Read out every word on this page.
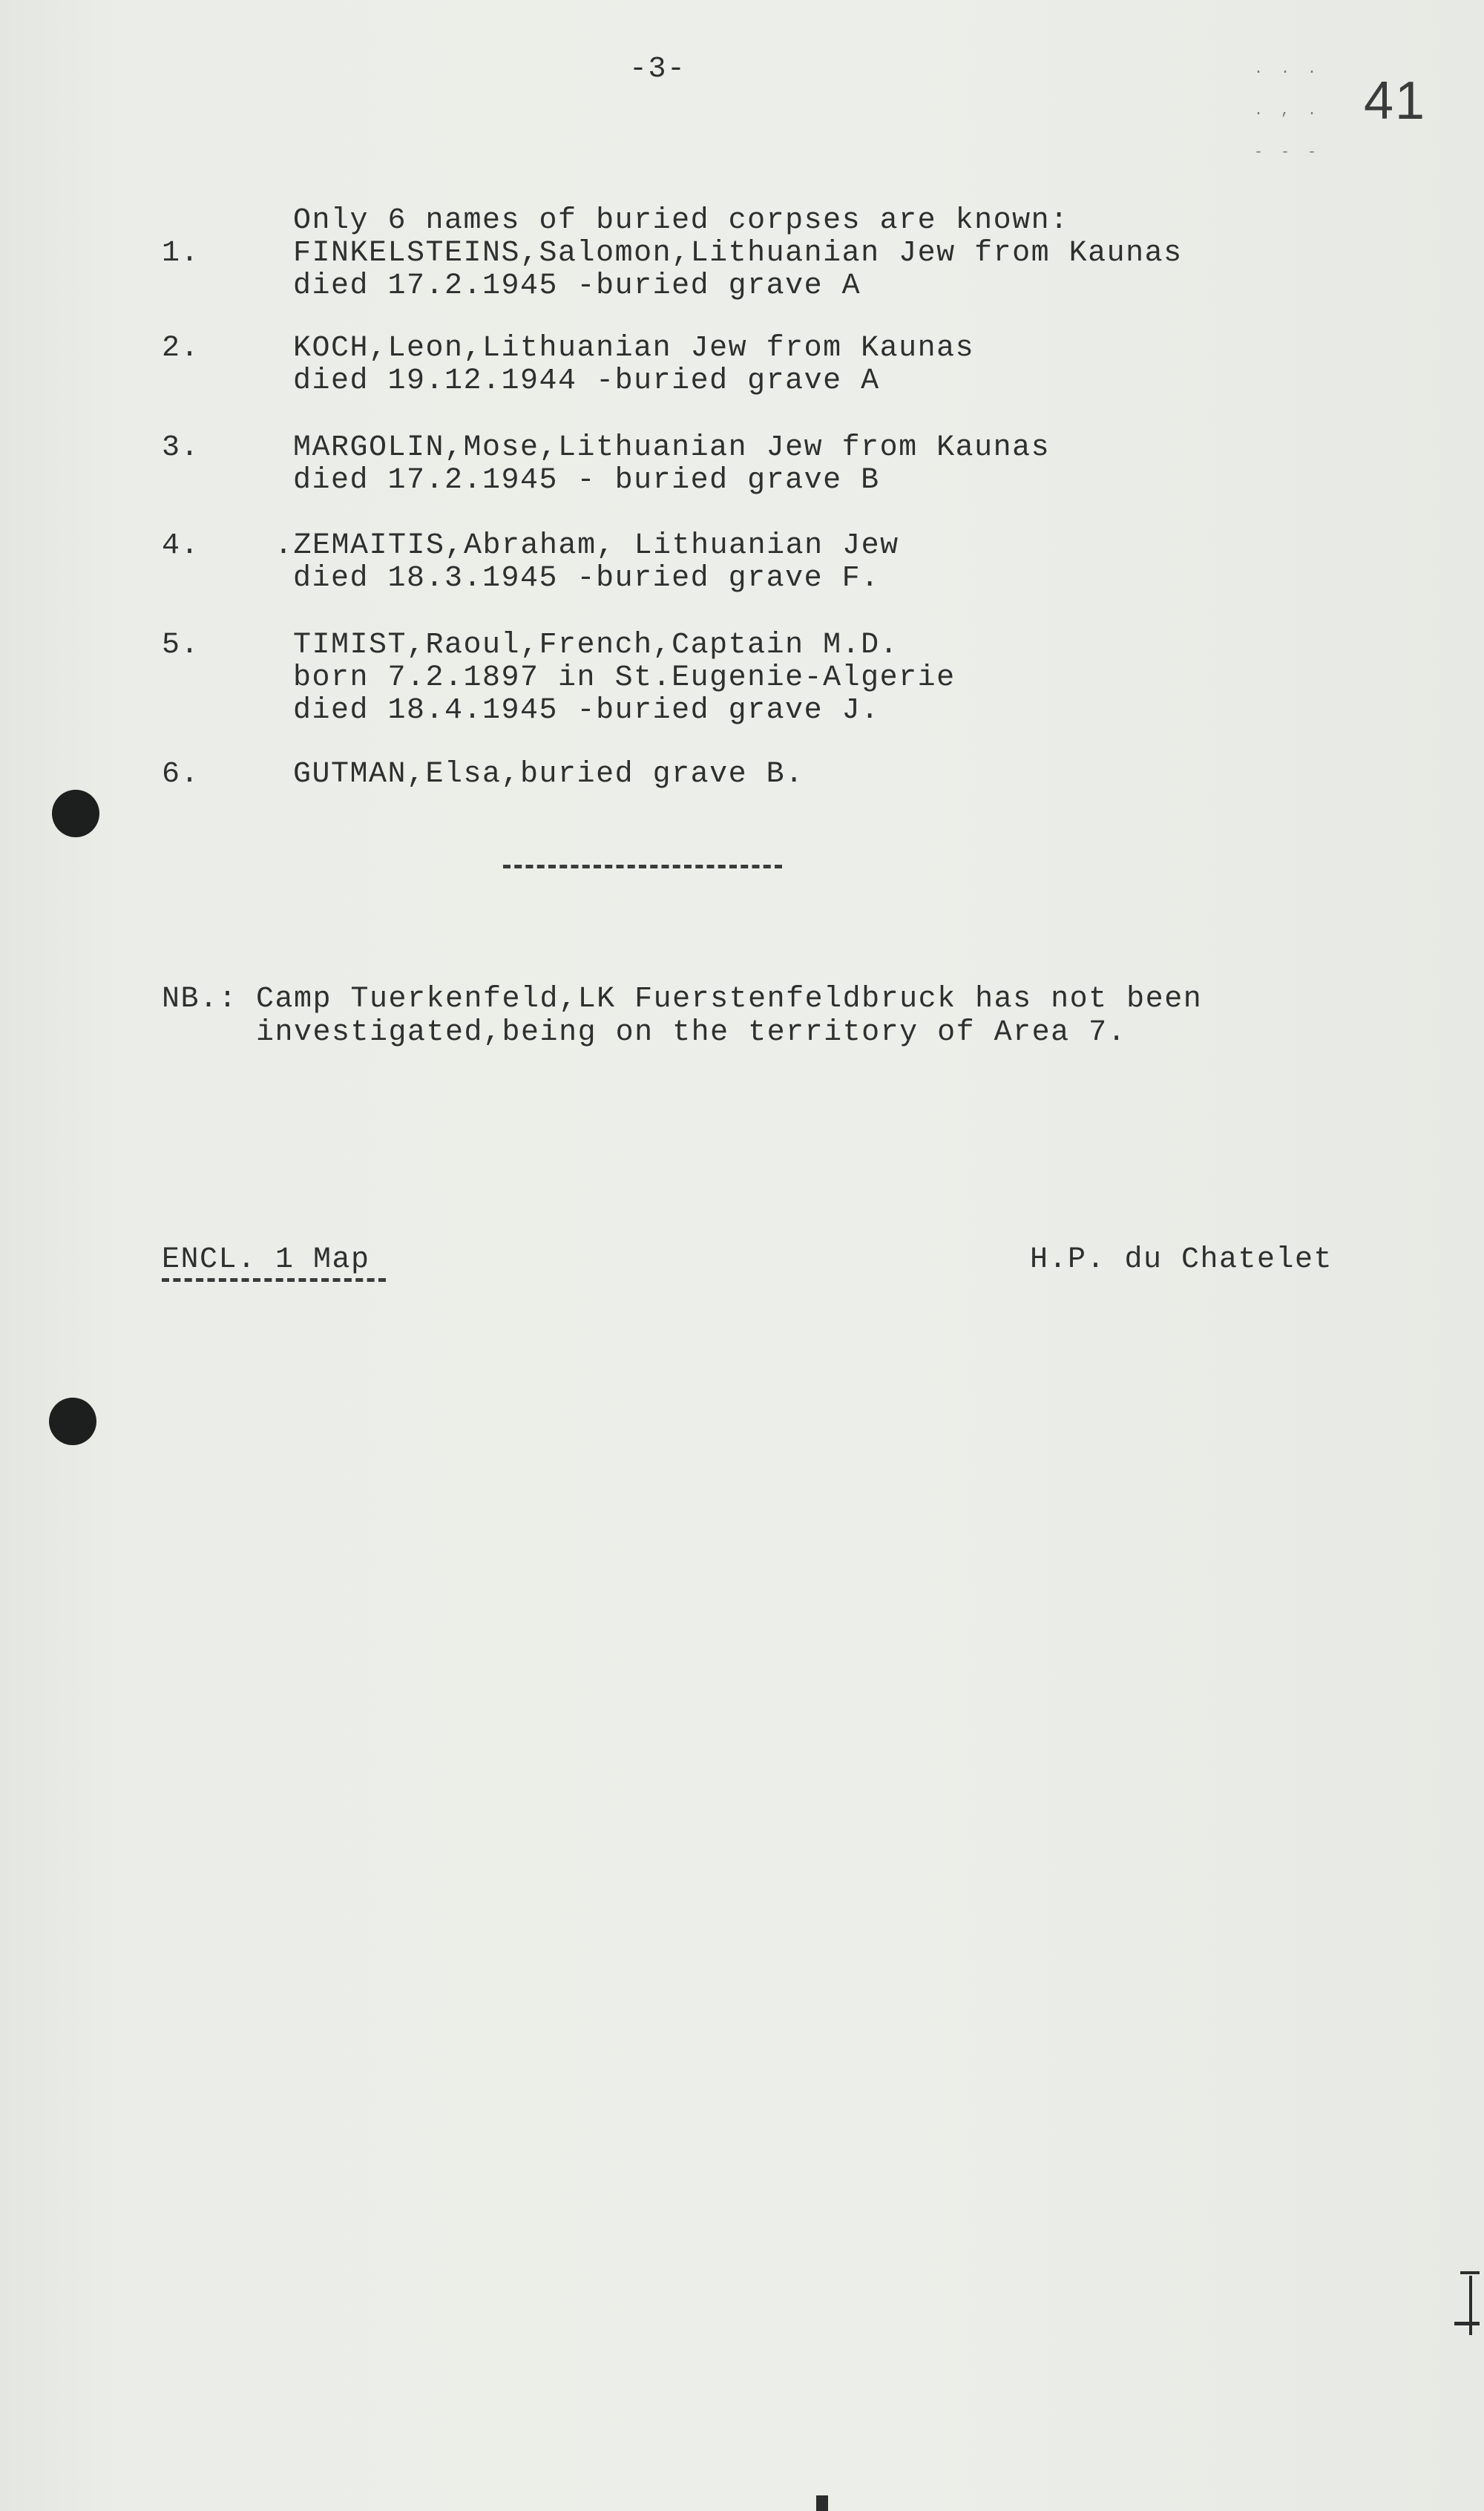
-3-	.  .  .
.  ,  .
-  -  -
41
Only 6 names of buried corpses are known:
1.	FINKELSTEINS,Salomon,Lithuanian Jew from Kaunas
died 17.2.1945 -buried grave A
2.	KOCH,Leon,Lithuanian Jew from Kaunas
died 19.12.1944 -buried grave A
3.	MARGOLIN,Mose,Lithuanian Jew from Kaunas
died 17.2.1945 - buried grave B
4.	.ZEMAITIS,Abraham, Lithuanian Jew
died 18.3.1945 -buried grave F.
5.	TIMIST,Raoul,French,Captain M.D.
born 7.2.1897 in St.Eugenie-Algerie
died 18.4.1945 -buried grave J.
6.	GUTMAN,Elsa,buried grave B.
NB.: Camp Tuerkenfeld,LK Fuerstenfeldbruck has not been
investigated,being on the territory of Area 7.
ENCL. 1 Map	H.P. du Chatelet
